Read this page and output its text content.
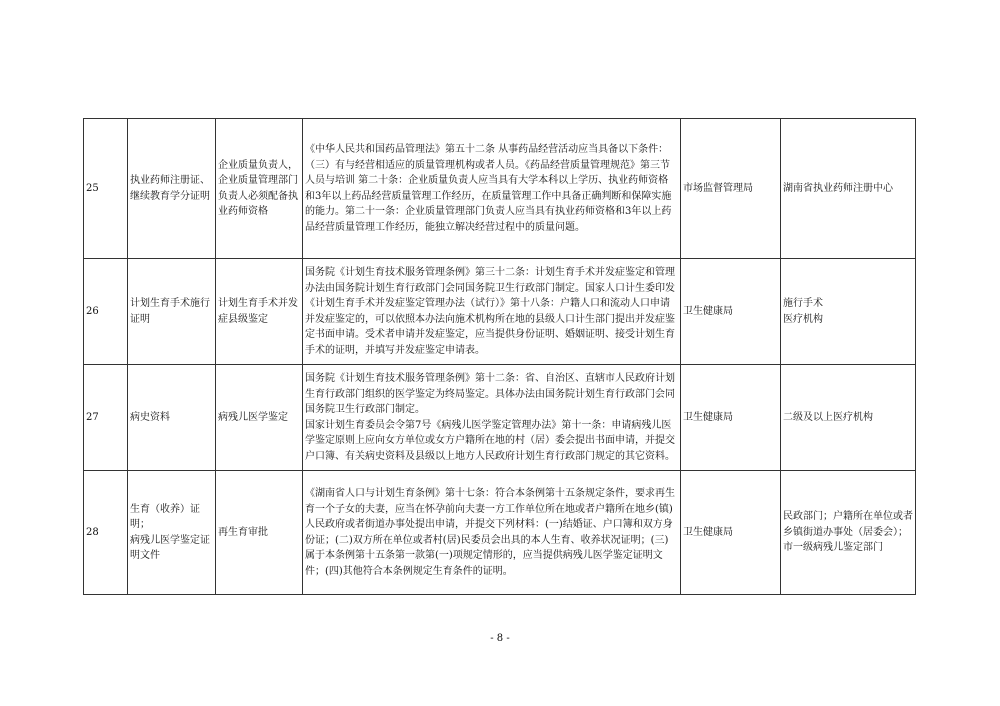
25	执业药师注册证、继续教育学分证明	企业质量负责人，企业质量管理部门负责人必须配备执业药师资格	《中华人民共和国药品管理法》第五十二条 从事药品经营活动应当具备以下条件：（三）有与经营相适应的质量管理机构或者人员。《药品经营质量管理规范》第三节 人员与培训 第二十条：企业质量负责人应当具有大学本科以上学历、执业药师资格和3年以上药品经营质量管理工作经历，在质量管理工作中具备正确判断和保障实施的能力。第二十一条：企业质量管理部门负责人应当具有执业药师资格和3年以上药品经营质量管理工作经历，能独立解决经营过程中的质量问题。	市场监督管理局	湖南省执业药师注册中心
26	计划生育手术施行证明	计划生育手术并发症县级鉴定	国务院《计划生育技术服务管理条例》第三十二条：计划生育手术并发症鉴定和管理办法由国务院计划生育行政部门会同国务院卫生行政部门制定。国家人口计生委印发《计划生育手术并发症鉴定管理办法（试行）》第十八条：户籍人口和流动人口申请并发症鉴定的，可以依照本办法向施术机构所在地的县级人口计生部门提出并发症鉴定书面申请。受术者申请并发症鉴定，应当提供身份证明、婚姻证明、接受计划生育手术的证明，并填写并发症鉴定申请表。	卫生健康局	施行手术
医疗机构
27	病史资料	病残儿医学鉴定	国务院《计划生育技术服务管理条例》第十二条：省、自治区、直辖市人民政府计划生育行政部门组织的医学鉴定为终局鉴定。具体办法由国务院计划生育行政部门会同国务院卫生行政部门制定。
国家计划生育委员会令第7号《病残儿医学鉴定管理办法》第十一条：申请病残儿医学鉴定原则上应向女方单位或女方户籍所在地的村（居）委会提出书面申请，并提交户口簿、有关病史资料及县级以上地方人民政府计划生育行政部门规定的其它资料。	卫生健康局	二级及以上医疗机构
28	生育（收养）证明；
病残儿医学鉴定证明文件	再生育审批	《湖南省人口与计划生育条例》第十七条：符合本条例第十五条规定条件，要求再生育一个子女的夫妻，应当在怀孕前向夫妻一方工作单位所在地或者户籍所在地乡(镇)人民政府或者街道办事处提出申请，并提交下列材料：(一)结婚证、户口簿和双方身份证；(二)双方所在单位或者村(居)民委员会出具的本人生育、收养状况证明；(三)属于本条例第十五条第一款第(一)项规定情形的，应当提供病残儿医学鉴定证明文件；(四)其他符合本条例规定生育条件的证明。	卫生健康局	民政部门；户籍所在单位或者乡镇街道办事处（居委会）；市一级病残儿鉴定部门
- 8 -
